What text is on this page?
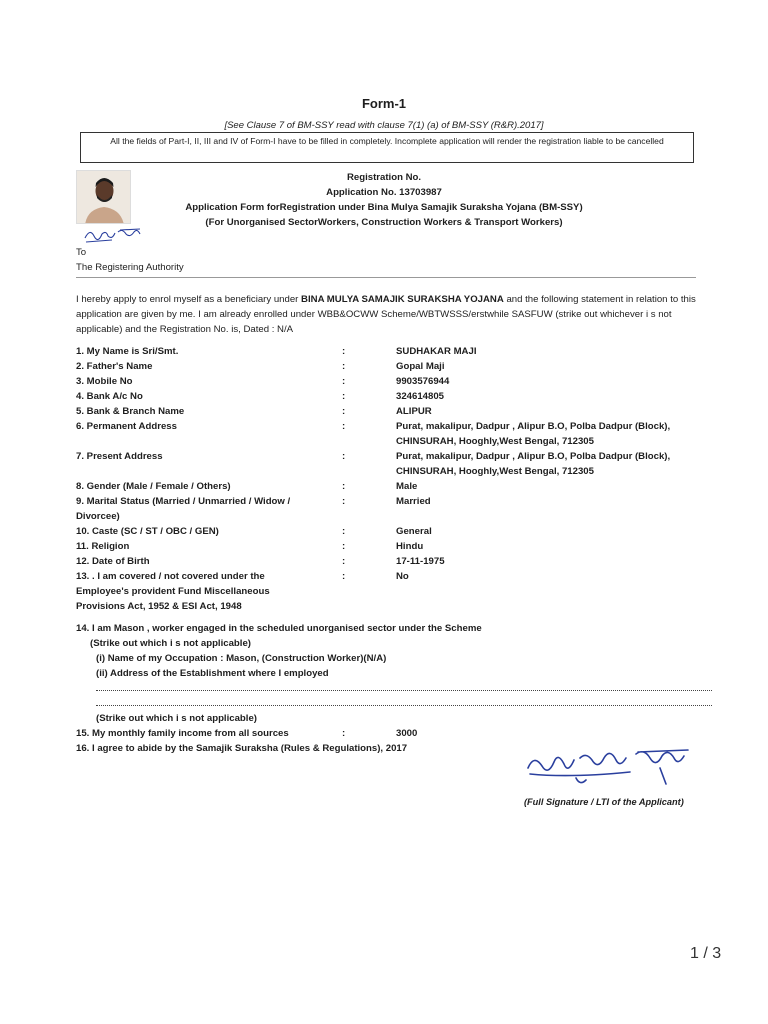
Form-1
[See Clause 7 of BM-SSY read with clause 7(1) (a) of BM-SSY (R&R).2017]
All the fields of Part-I, II, III and IV of Form-I have to be filled in completely. Incomplete application will render the registration liable to be cancelled
Registration No.
Application No. 13703987
Application Form forRegistration under Bina Mulya Samajik Suraksha Yojana (BM-SSY)
(For Unorganised SectorWorkers, Construction Workers & Transport Workers)
To
The Registering Authority
I hereby apply to enrol myself as a beneficiary under BINA MULYA SAMAJIK SURAKSHA YOJANA and the following statement in relation to this application are given by me. I am already enrolled under WBB&OCWW Scheme/WBTWSSS/erstwhile SASFUW (strike out whichever i s not applicable) and the Registration No. is, Dated : N/A
1. My Name is Sri/Smt.	:	SUDHAKAR MAJI
2. Father's Name	:	Gopal Maji
3. Mobile No	:	9903576944
4. Bank A/c No	:	324614805
5. Bank & Branch Name	:	ALIPUR
6. Permanent Address	:	Purat, makalipur, Dadpur , Alipur B.O, Polba Dadpur (Block), CHINSURAH, Hooghly,West Bengal, 712305
7. Present Address	:	Purat, makalipur, Dadpur , Alipur B.O, Polba Dadpur (Block), CHINSURAH, Hooghly,West Bengal, 712305
8. Gender (Male / Female / Others)	:	Male
9. Marital Status (Married / Unmarried / Widow / Divorcee)
:	Married
10. Caste (SC / ST / OBC / GEN)	:	General
11. Religion	:	Hindu
12. Date of Birth	:	17-11-1975
13. . I am covered / not covered under the Employee's provident Fund Miscellaneous Provisions Act, 1952 & ESI Act, 1948
:	No
14. I am Mason , worker engaged in the scheduled unorganised sector under the Scheme
(Strike out which i s not applicable)
(i) Name of my Occupation : Mason, (Construction Worker)(N/A)
(ii) Address of the Establishment where I employed
(Strike out which i s not applicable)
15. My monthly family income from all sources	:	3000
16. I agree to abide by the Samajik Suraksha (Rules & Regulations), 2017
(Full Signature / LTI of the Applicant)
1 / 3
